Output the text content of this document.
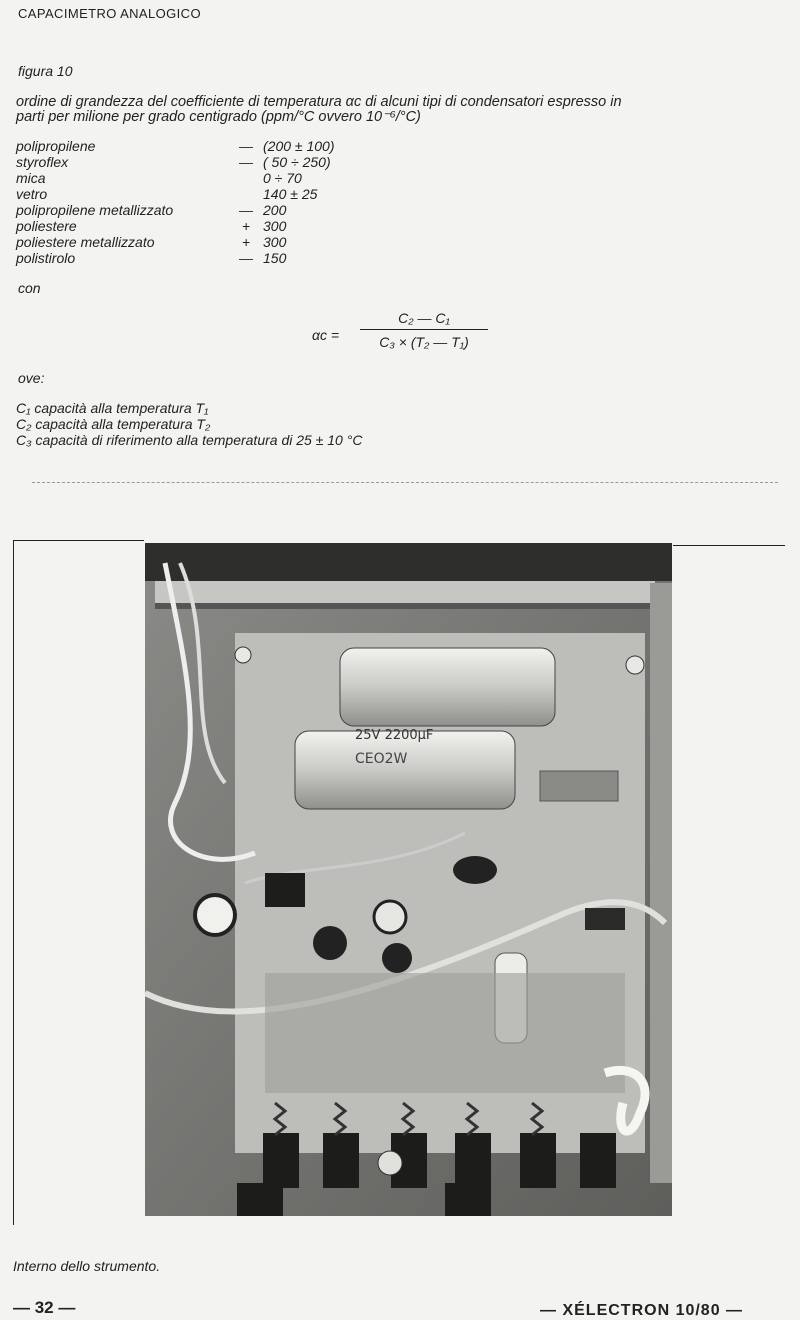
CAPACIMETRO ANALOGICO
figura 10

ordine di grandezza del coefficiente di temperatura αc di alcuni tipi di condensatori espresso in

parti per milione per grado centigrado (ppm/°C ovvero 10⁻⁶/°C)

polipropilene	—	(200 ± 100)
styroflex	—	( 50 ÷ 250)
mica		0 ÷ 70
vetro		140 ± 25
polipropilene metallizzato	—	200
poliestere	+	300
poliestere metallizzato	+	300
polistirolo	—	150
con
αc =
C₂ — C₁
C₃ × (T₂ — T₁)
ove:
C₁ capacità alla temperatura T₁
C₂ capacità alla temperatura T₂
C₃ capacità di riferimento alla temperatura di 25 ± 10 °C
25V 2200µF
CEO2W
Interno dello strumento.
— 32 —	— XÉLECTRON 10/80 —
